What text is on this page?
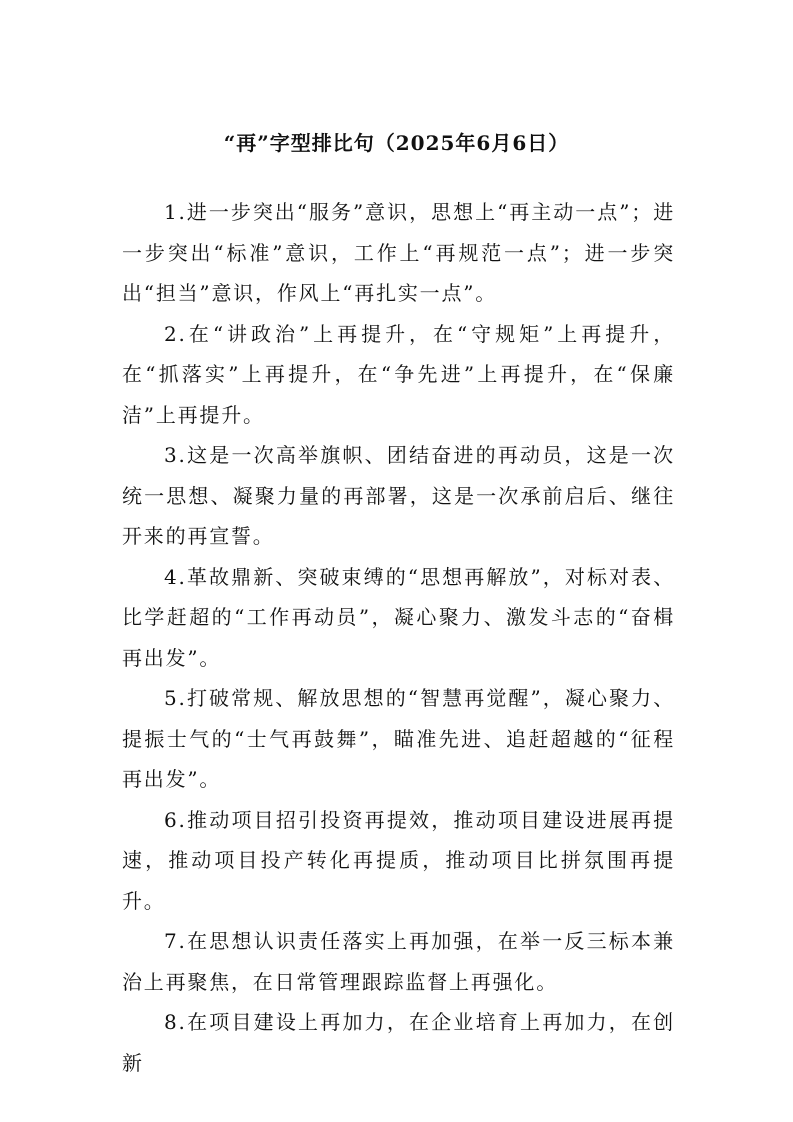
“再”字型排比句（2025年6月6日）

1.进一步突出“服务”意识，思想上“再主动一点”；进一步突出“标准”意识，工作上“再规范一点”；进一步突出“担当”意识，作风上“再扎实一点”。

2.在“讲政治”上再提升，在“守规矩”上再提升，在“抓落实”上再提升，在“争先进”上再提升，在“保廉洁”上再提升。

3.这是一次高举旗帜、团结奋进的再动员，这是一次统一思想、凝聚力量的再部署，这是一次承前启后、继往开来的再宣誓。

4.革故鼎新、突破束缚的“思想再解放”，对标对表、比学赶超的“工作再动员”，凝心聚力、激发斗志的“奋楫再出发”。

5.打破常规、解放思想的“智慧再觉醒”，凝心聚力、提振士气的“士气再鼓舞”，瞄准先进、追赶超越的“征程再出发”。

6.推动项目招引投资再提效，推动项目建设进展再提速，推动项目投产转化再提质，推动项目比拼氛围再提升。

7.在思想认识责任落实上再加强，在举一反三标本兼治上再聚焦，在日常管理跟踪监督上再强化。

8.在项目建设上再加力，在企业培育上再加力，在创新
